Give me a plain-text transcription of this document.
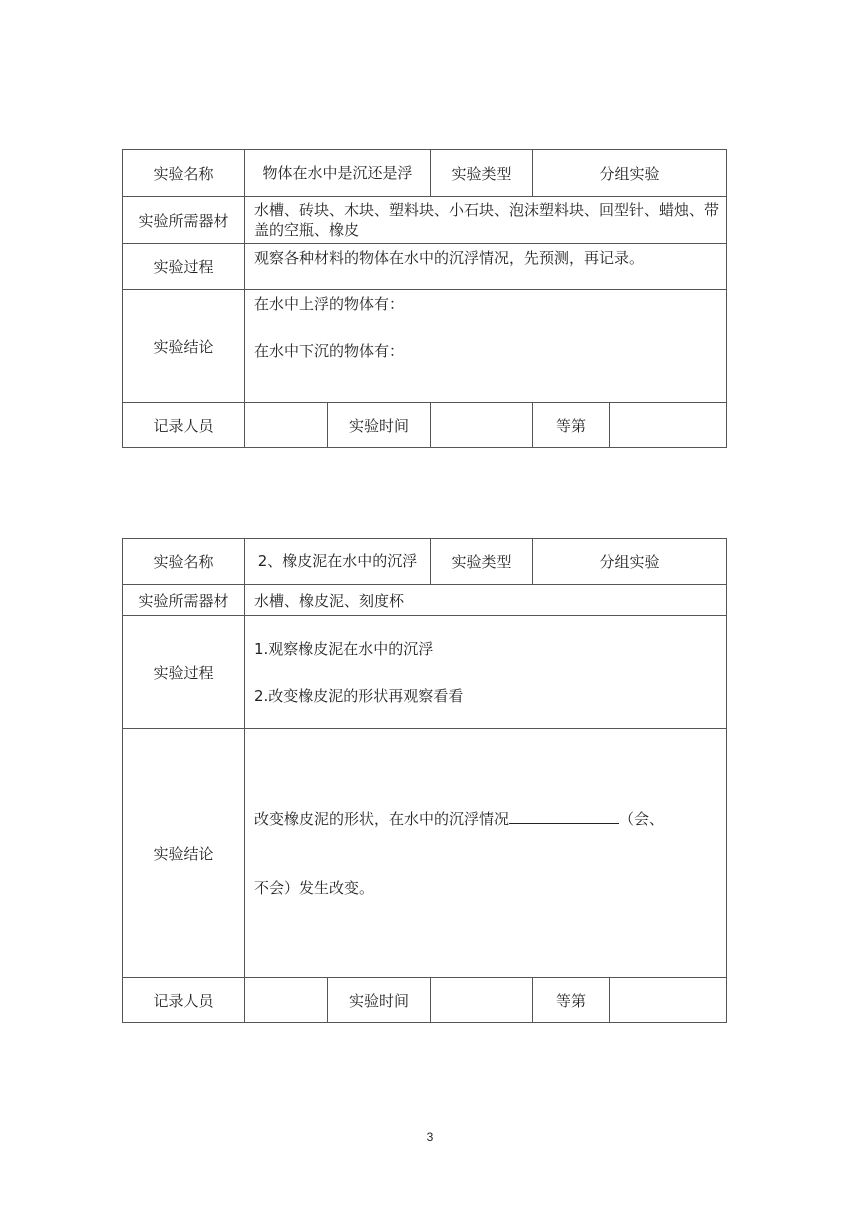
实验名称	物体在水中是沉还是浮		实验类型	分组实验	
实验所需器材	水槽、砖块、木块、塑料块、小石块、泡沫塑料块、回型针、蜡烛、带盖的空瓶、橡皮				
实验过程	观察各种材料的物体在水中的沉浮情况，先预测，再记录。				
实验结论	在水中上浮的物体有：
在水中下沉的物体有：				

记录人员		实验时间		等第	
实验名称	2、橡皮泥在水中的沉浮		实验类型	分组实验	
实验所需器材	水槽、橡皮泥、刻度杯				
实验过程	1.观察橡皮泥在水中的沉浮
2.改变橡皮泥的形状再观察看看				

实验结论	改变橡皮泥的形状，在水中的沉浮情况 （会、
不会）发生改变。				

记录人员		实验时间		等第	
3
